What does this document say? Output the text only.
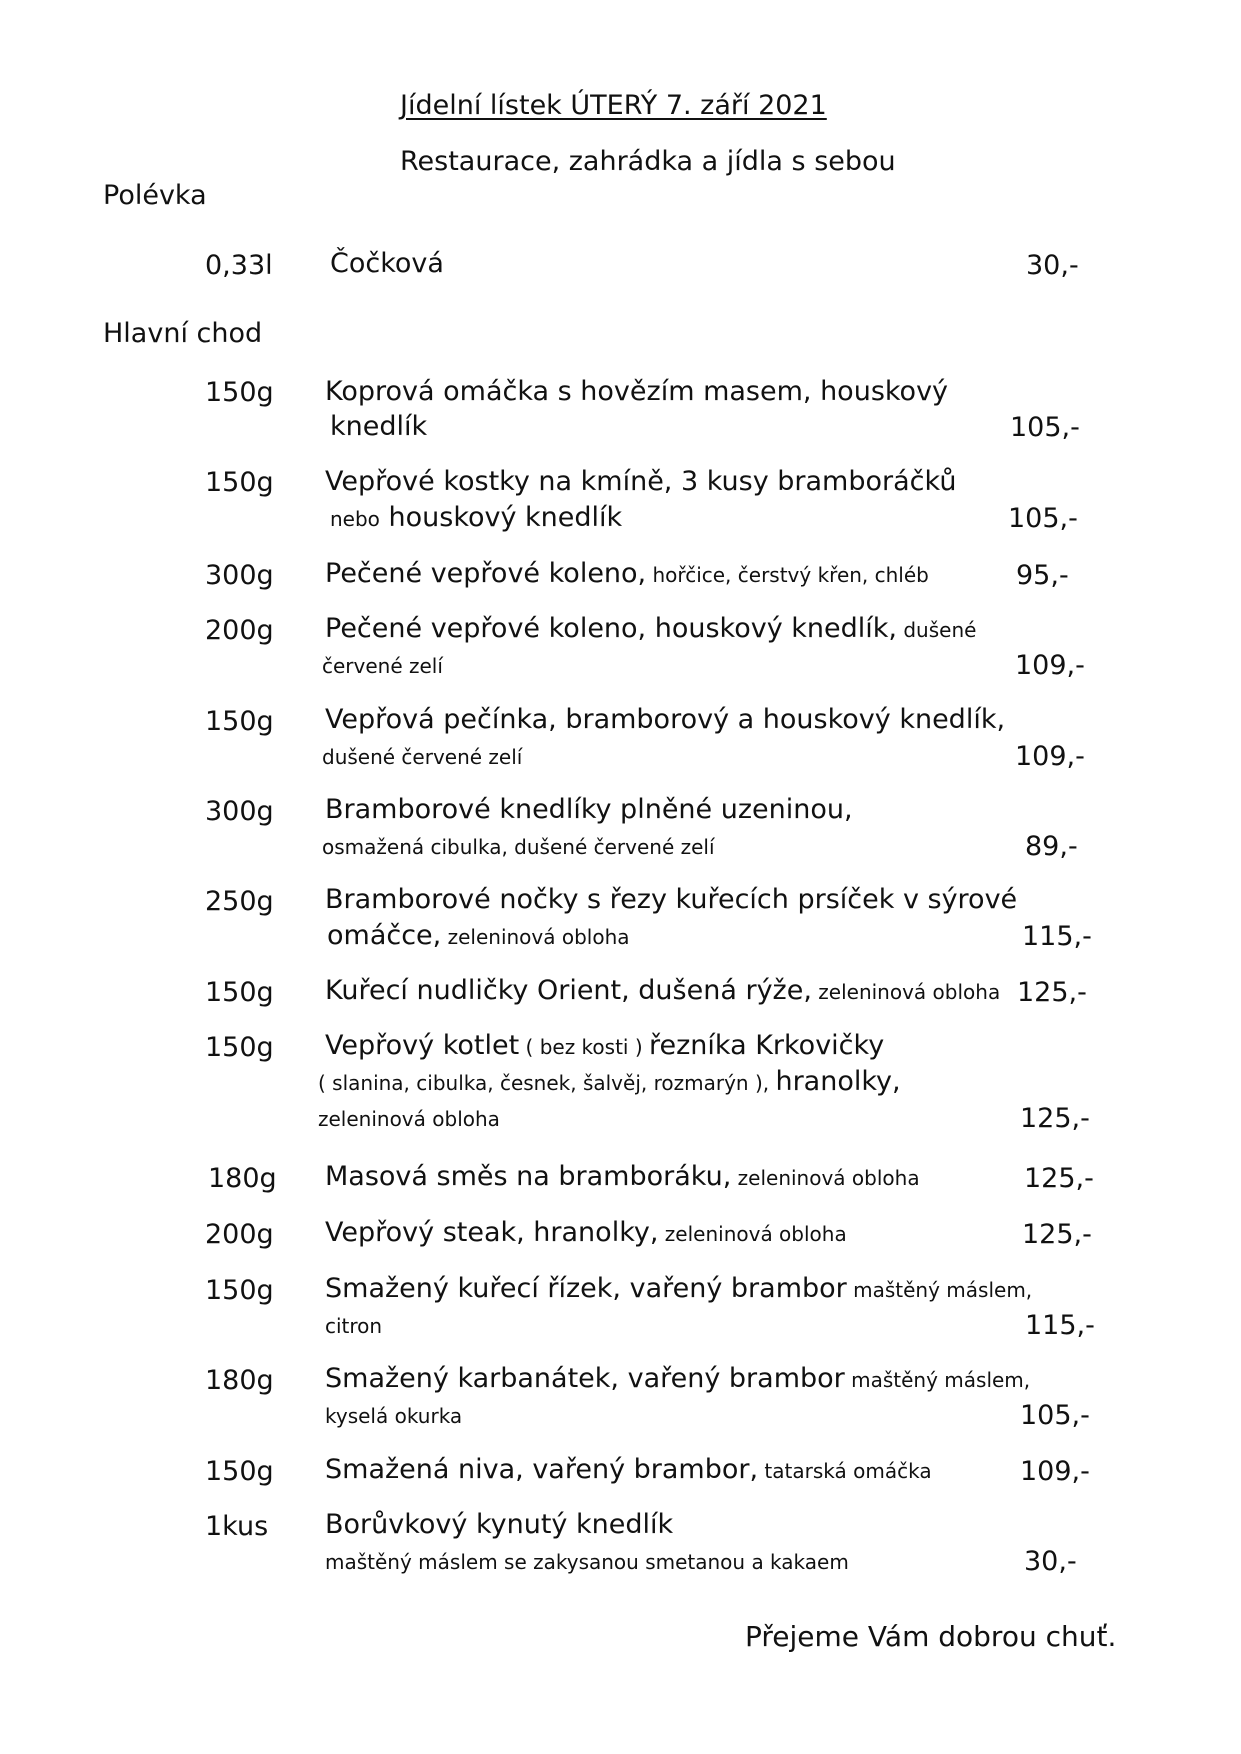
Jídelní lístek ÚTERÝ 7. září 2021
Restaurace, zahrádka a jídla s sebou
Polévka
0,33l Čočková	30,-
Hlavní chod
150g Koprová omáčka s hovězím masem, houskový
knedlík	105,-
150g Vepřové kostky na kmíně, 3 kusy bramboráčků
nebo houskový knedlík	105,-
300g Pečené vepřové koleno, hořčice, čerstvý křen, chléb	95,-
200g Pečené vepřové koleno, houskový knedlík, dušené
červené zelí	109,-
150g Vepřová pečínka, bramborový a houskový knedlík,
dušené červené zelí	109,-
300g Bramborové knedlíky plněné uzeninou,
osmažená cibulka, dušené červené zelí	89,-
250g Bramborové nočky s řezy kuřecích prsíček v sýrové
omáčce, zeleninová obloha	115,-
150g Kuřecí nudličky Orient, dušená rýže, zeleninová obloha 125,-
150g Vepřový kotlet ( bez kosti ) řezníka Krkovičky
( slanina, cibulka, česnek, šalvěj, rozmarýn ), hranolky,
zeleninová obloha	125,-
180g Masová směs na bramboráku, zeleninová obloha	125,-
200g Vepřový steak, hranolky, zeleninová obloha	125,-
150g Smažený kuřecí řízek, vařený brambor maštěný máslem,
citron	115,-
180g Smažený karbanátek, vařený brambor maštěný máslem,
kyselá okurka	105,-
150g Smažená niva, vařený brambor, tatarská omáčka	109,-
1kus Borůvkový kynutý knedlík
maštěný máslem se zakysanou smetanou a kakaem	30,-
Přejeme Vám dobrou chuť.
